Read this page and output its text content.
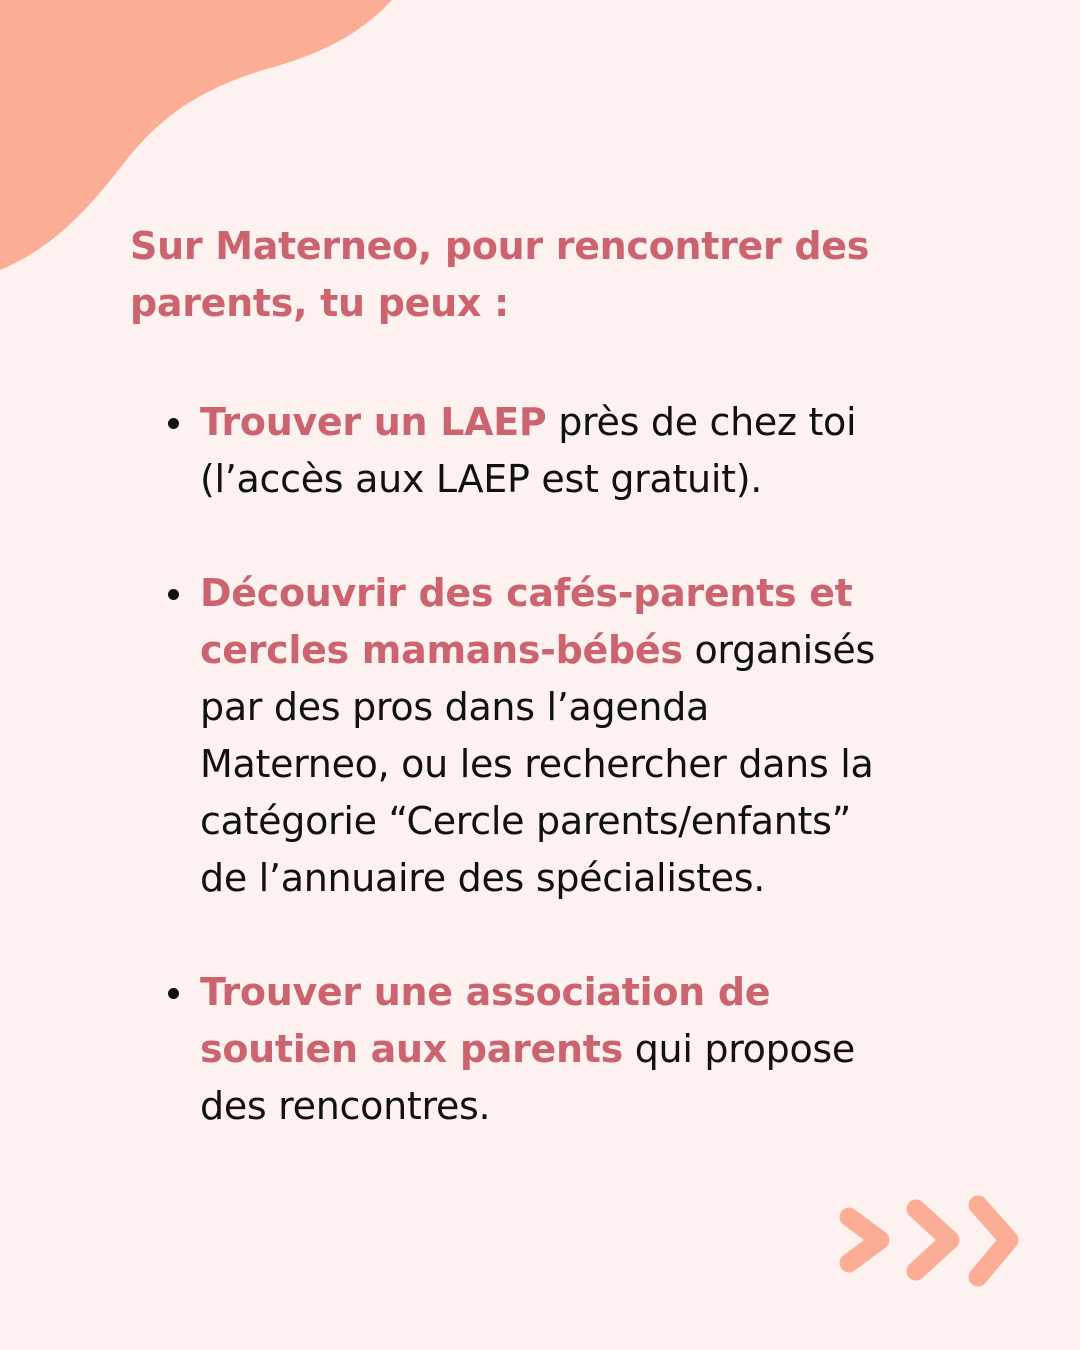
Sur Materneo, pour rencontrer des
parents, tu peux :
Trouver un LAEP près de chez toi
(l’accès aux LAEP est gratuit).
Découvrir des cafés-parents et
cercles mamans-bébés organisés
par des pros dans l’agenda
Materneo, ou les rechercher dans la
catégorie “Cercle parents/enfants”
de l’annuaire des spécialistes.
Trouver une association de
soutien aux parents qui propose
des rencontres.
